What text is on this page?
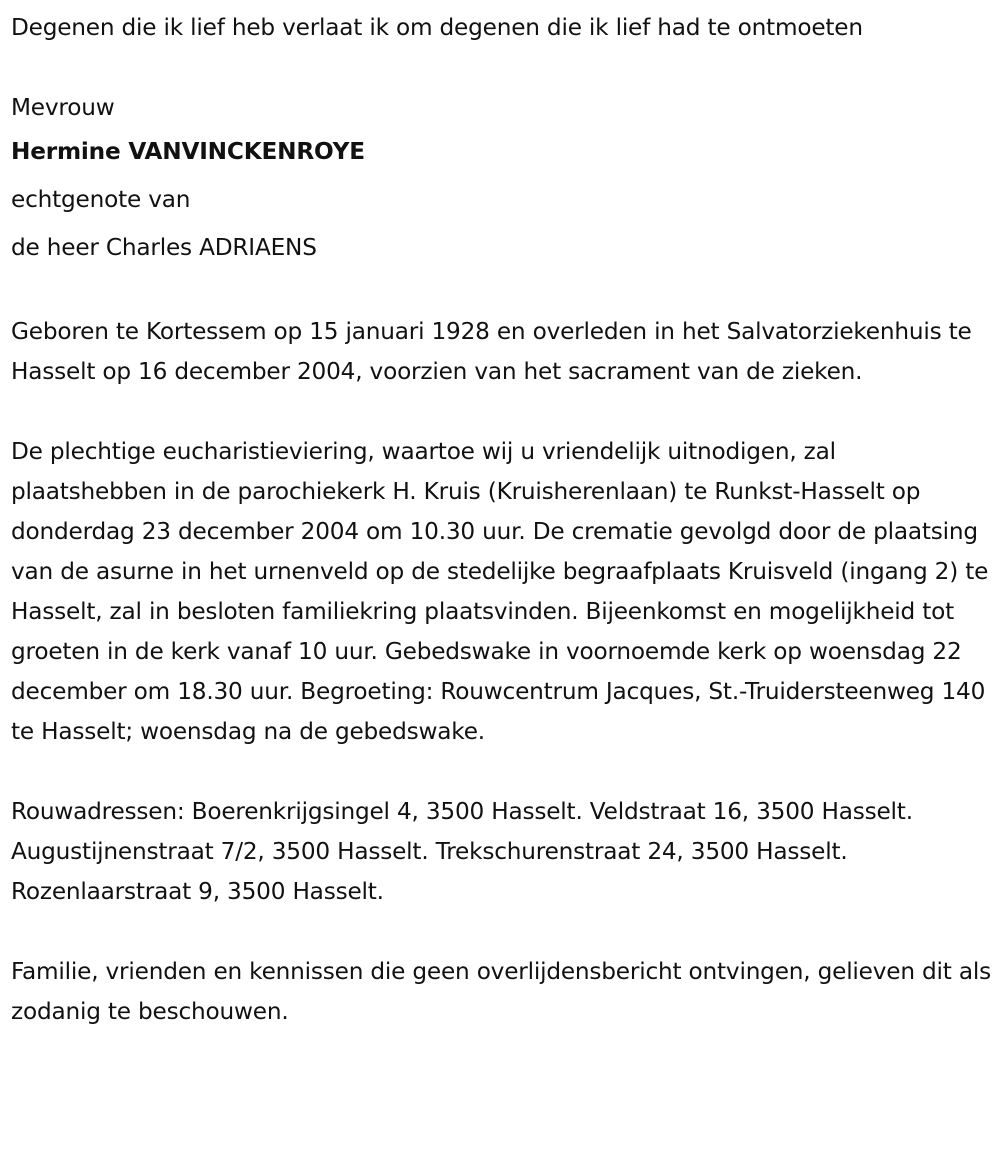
Degenen die ik lief heb verlaat ik om degenen die ik lief had te ontmoeten

Mevrouw
Hermine VANVINCKENROYE
echtgenote van
de heer Charles ADRIAENS

Geboren te Kortessem op 15 januari 1928 en overleden in het Salvatorziekenhuis te Hasselt op 16 december 2004, voorzien van het sacrament van de zieken.

De plechtige eucharistieviering, waartoe wij u vriendelijk uitnodigen, zal plaatshebben in de parochiekerk H. Kruis (Kruisherenlaan) te Runkst-Hasselt op donderdag 23 december 2004 om 10.30 uur. De crematie gevolgd door de plaatsing van de asurne in het urnenveld op de stedelijke begraafplaats Kruisveld (ingang 2) te Hasselt, zal in besloten familiekring plaatsvinden. Bijeenkomst en mogelijkheid tot groeten in de kerk vanaf 10 uur. Gebedswake in voornoemde kerk op woensdag 22 december om 18.30 uur. Begroeting: Rouwcentrum Jacques, St.-Truidersteenweg 140 te Hasselt; woensdag na de gebedswake.

Rouwadressen: Boerenkrijgsingel 4, 3500 Hasselt. Veldstraat 16, 3500 Hasselt. Augustijnenstraat 7/2, 3500 Hasselt. Trekschurenstraat 24, 3500 Hasselt. Rozenlaarstraat 9, 3500 Hasselt.

Familie, vrienden en kennissen die geen overlijdensbericht ontvingen, gelieven dit als zodanig te beschouwen.
